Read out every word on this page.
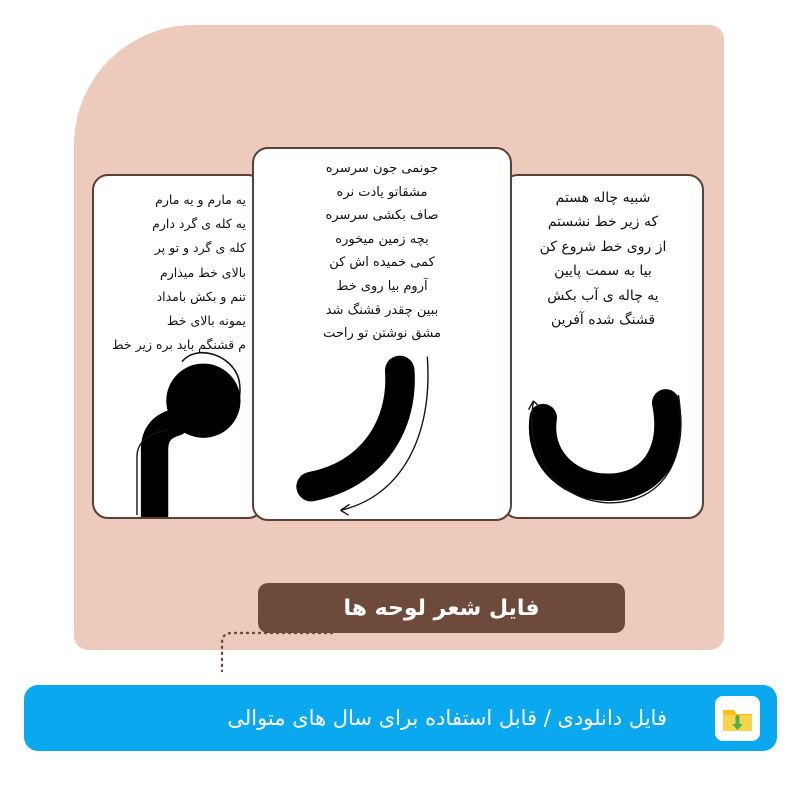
یه مارم و یه مارم
یه کله ی گرد دارم
کله ی گرد و تو پر
بالای خط میذارم
تنم و بکش بامداد
یمونه بالای خط
م قشنگم باید بره زیر خط
شبیه چاله هستم
که زیر خط نشستم
از روی خط شروع کن
بیا به سمت پایین
یه چاله ی آب بکش
قشنگ شده آفرین
جونمی جون سرسره
مشقاتو یادت نره
صاف بکشی سرسره
بچه زمین میخوره
کمی خمیده اش کن
آروم بیا روی خط
ببین چقدر قشنگ شد
مشق نوشتن تو راحت
فایل شعر لوحه ها
فایل دانلودی / قابل استفاده برای سال های متوالی
